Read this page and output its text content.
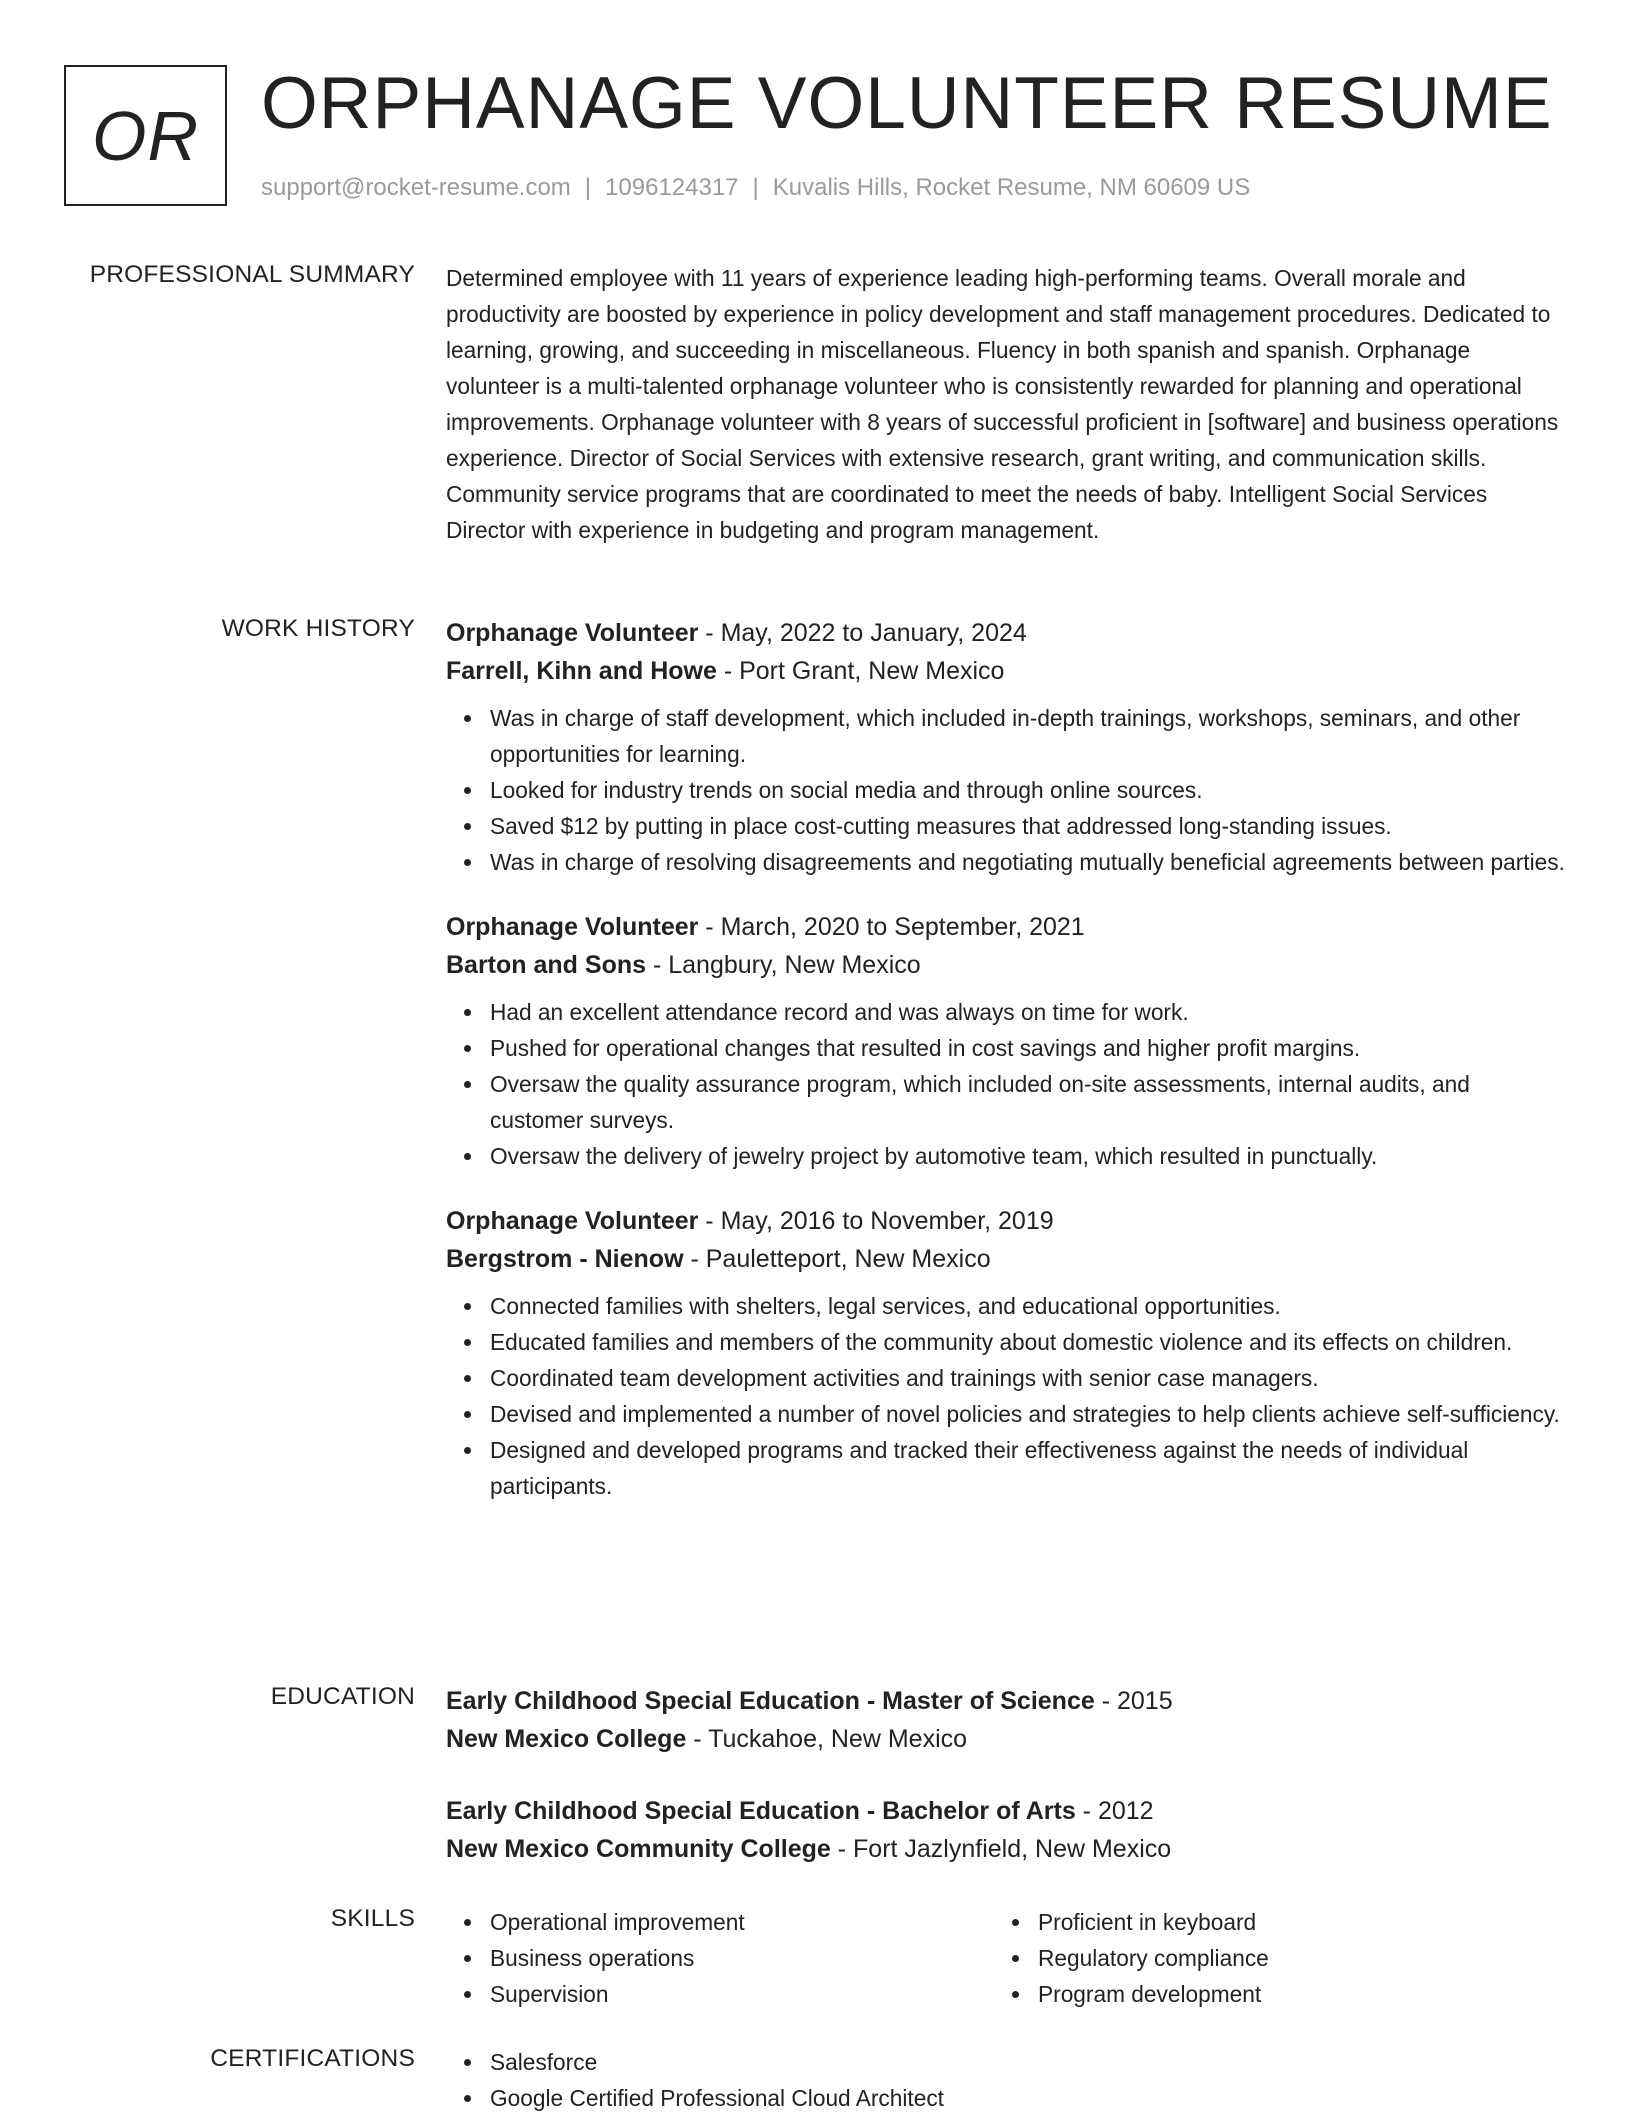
OR ORPHANAGE VOLUNTEER RESUME
support@rocket-resume.com | 1096124317 | Kuvalis Hills, Rocket Resume, NM 60609 US
PROFESSIONAL SUMMARY Determined employee with 11 years of experience leading high-performing teams. Overall morale and productivity are boosted by experience in policy development and staff management procedures. Dedicated to learning, growing, and succeeding in miscellaneous. Fluency in both spanish and spanish. Orphanage volunteer is a multi-talented orphanage volunteer who is consistently rewarded for planning and operational improvements. Orphanage volunteer with 8 years of successful proficient in [software] and business operations experience. Director of Social Services with extensive research, grant writing, and communication skills. Community service programs that are coordinated to meet the needs of baby. Intelligent Social Services Director with experience in budgeting and program management.

WORK HISTORY Orphanage Volunteer - May, 2022 to January, 2024
Farrell, Kihn and Howe - Port Grant, New Mexico
Was in charge of staff development, which included in-depth trainings, workshops, seminars, and other opportunities for learning.
Looked for industry trends on social media and through online sources.
Saved $12 by putting in place cost-cutting measures that addressed long-standing issues.
Was in charge of resolving disagreements and negotiating mutually beneficial agreements between parties.
Orphanage Volunteer - March, 2020 to September, 2021
Barton and Sons - Langbury, New Mexico
Had an excellent attendance record and was always on time for work.
Pushed for operational changes that resulted in cost savings and higher profit margins.
Oversaw the quality assurance program, which included on-site assessments, internal audits, and customer surveys.
Oversaw the delivery of jewelry project by automotive team, which resulted in punctually.
Orphanage Volunteer - May, 2016 to November, 2019
Bergstrom - Nienow - Pauletteport, New Mexico
Connected families with shelters, legal services, and educational opportunities.
Educated families and members of the community about domestic violence and its effects on children.
Coordinated team development activities and trainings with senior case managers.
Devised and implemented a number of novel policies and strategies to help clients achieve self-sufficiency.
Designed and developed programs and tracked their effectiveness against the needs of individual participants.
EDUCATION Early Childhood Special Education - Master of Science - 2015
New Mexico College - Tuckahoe, New Mexico
Early Childhood Special Education - Bachelor of Arts - 2012
New Mexico Community College - Fort Jazlynfield, New Mexico
SKILLS	Operational improvement
Business operations
Supervision
Proficient in keyboard
Regulatory compliance
Program development
CERTIFICATIONS	Salesforce
Google Certified Professional Cloud Architect
